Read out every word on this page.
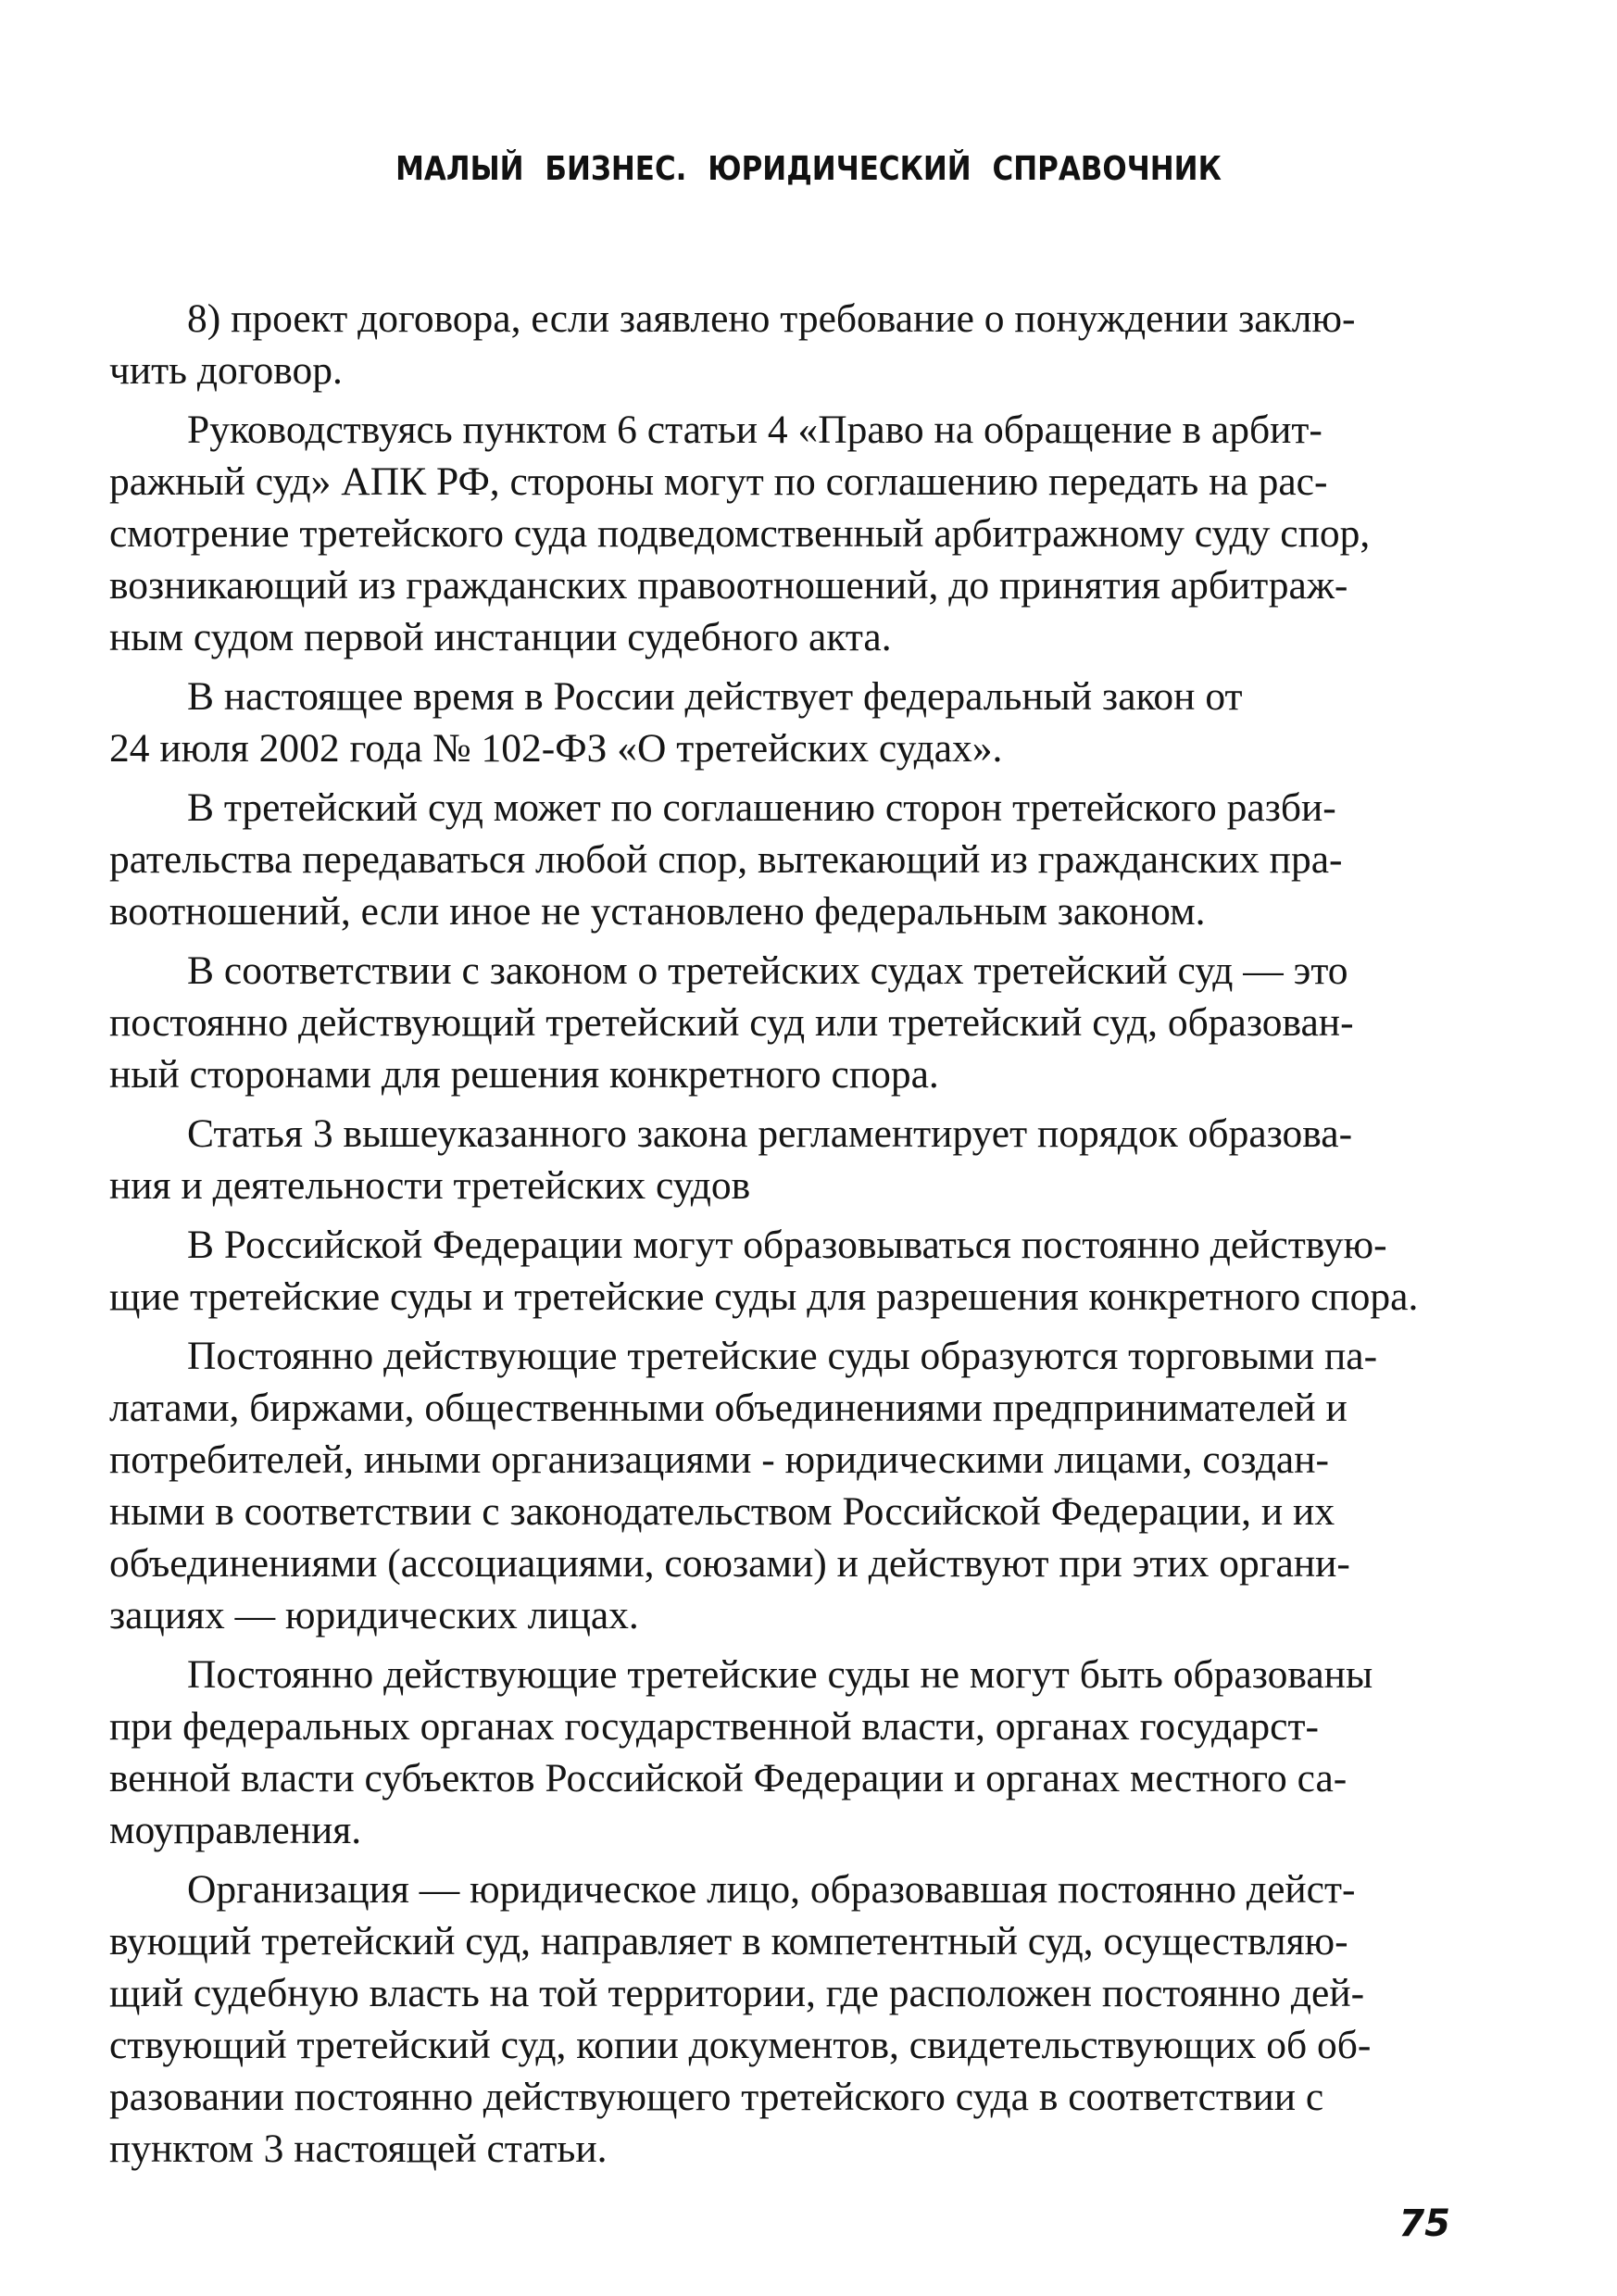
МАЛЫЙ БИЗНЕС. ЮРИДИЧЕСКИЙ СПРАВОЧНИК

8) проект договора, если заявлено требование о понуждении заклю-
чить договор.

Руководствуясь пунктом 6 статьи 4 «Право на обращение в арбит-
ражный суд» АПК РФ, стороны могут по соглашению передать на рас-
смотрение третейского суда подведомственный арбитражному суду спор,
возникающий из гражданских правоотношений, до принятия арбитраж-
ным судом первой инстанции судебного акта.

В настоящее время в России действует федеральный закон от
24 июля 2002 года № 102-ФЗ «О третейских судах».

В третейский суд может по соглашению сторон третейского разби-
рательства передаваться любой спор, вытекающий из гражданских пра-
воотношений, если иное не установлено федеральным законом.

В соответствии с законом о третейских судах третейский суд — это
постоянно действующий третейский суд или третейский суд, образован-
ный сторонами для решения конкретного спора.

Статья 3 вышеуказанного закона регламентирует порядок образова-
ния и деятельности третейских судов

В Российской Федерации могут образовываться постоянно действую-
щие третейские суды и третейские суды для разрешения конкретного спора.

Постоянно действующие третейские суды образуются торговыми па-
латами, биржами, общественными объединениями предпринимателей и
потребителей, иными организациями - юридическими лицами, создан-
ными в соответствии с законодательством Российской Федерации, и их
объединениями (ассоциациями, союзами) и действуют при этих органи-
зациях — юридических лицах.

Постоянно действующие третейские суды не могут быть образованы
при федеральных органах государственной власти, органах государст-
венной власти субъектов Российской Федерации и органах местного са-
моуправления.

Организация — юридическое лицо, образовавшая постоянно дейст-
вующий третейский суд, направляет в компетентный суд, осуществляю-
щий судебную власть на той территории, где расположен постоянно дей-
ствующий третейский суд, копии документов, свидетельствующих об об-
разовании постоянно действующего третейского суда в соответствии с
пунктом 3 настоящей статьи.

75
